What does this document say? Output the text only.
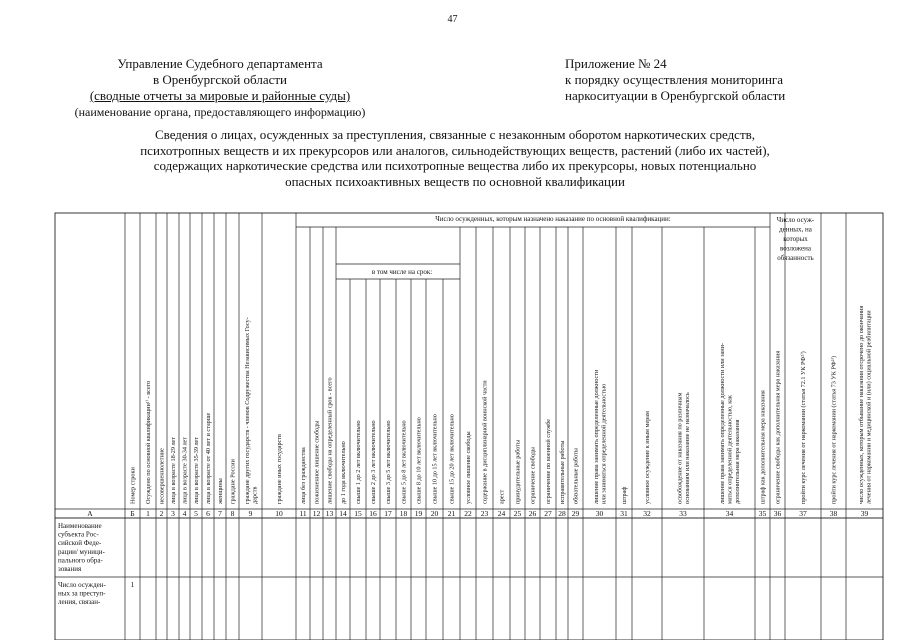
47
Управление Судебного департамента
в Оренбургской области
(сводные отчеты за мировые и районные суды)
(наименование органа, предоставляющего информацию)
Приложение № 24
к порядку осуществления мониторинга
наркоситуации в Оренбургской области
Сведения о лицах, осужденных за преступления, связанные с незаконным оборотом наркотических средств,
психотропных веществ и их прекурсоров или аналогов, сильнодействующих веществ, растений (либо их частей),
содержащих наркотические средства или психотропные вещества либо их прекурсоры, новых потенциально
опасных психоактивных веществ по основной квалификации
Число осужденных, которым назначено наказание по основной квалификации:
в том числе на срок:
Число осуж-
денных, на
которых
возложена
обязанность
А	Б
Номер строки
1
Осуждено по основной квалификации¹⁾ - всего
2
несовершеннолетние
3
лица в возрасте 18-29 лет
4
лица в возрасте 30-34 лет
5
лица в возрасте 35-39 лет
6
лица в возрасте от 40 лет и старше
7
женщины
8
граждане России
9
граждане других государств - членов Содружества Независимых Госу- дарств
10
граждане иных государств
11
лица без гражданства
12
пожизненное лишение свободы
13
лишение свободы на определенный срок - всего
14
до 1 года включительно
15
свыше 1 до 2 лет включительно
16
свыше 2 до 3 лет включительно
17
свыше 3 до 5 лет включительно
18
свыше 5 до 8 лет включительно
19
свыше 8 до 10 лет включительно
20
свыше 10 до 15 лет включительно
21
свыше 15 до 20 лет включительно
22
условное лишение свободы
23
содержание в дисциплинарной воинской части
24
арест
25
принудительные работы
26
ограничение свободы
27
ограничение по военной службе
28
исправительные работы
29
обязательные работы
30
лишение права занимать определенные должности или заниматься определенной деятельностью
31
штраф
32
условное осуждение к иным мерам
33
освобождение от наказания по различным основаниям или наказание не назначалось
34
лишение права занимать определенные должности или зани- маться определенной деятельностью, как дополнительная мера наказания
35
штраф как дополнительная мера наказания
36
ограничение свободы как дополнительная мера наказания
37
пройти курс лечения от наркомании (статья 72.1 УК РФ²⁾)
38
пройти курс лечения от наркомании (статья 73 УК РФ²⁾)
39
число осужденных, которым отбывание наказания отсрочено до окончания лечения от наркомании и медицинской и (или) социальной реабилитации
Наименование
субъекта Рос-
сийской Феде-
рации/ муници-
пального обра-
зования
Число осужден-
ных за преступ-
ления, связан-
1
